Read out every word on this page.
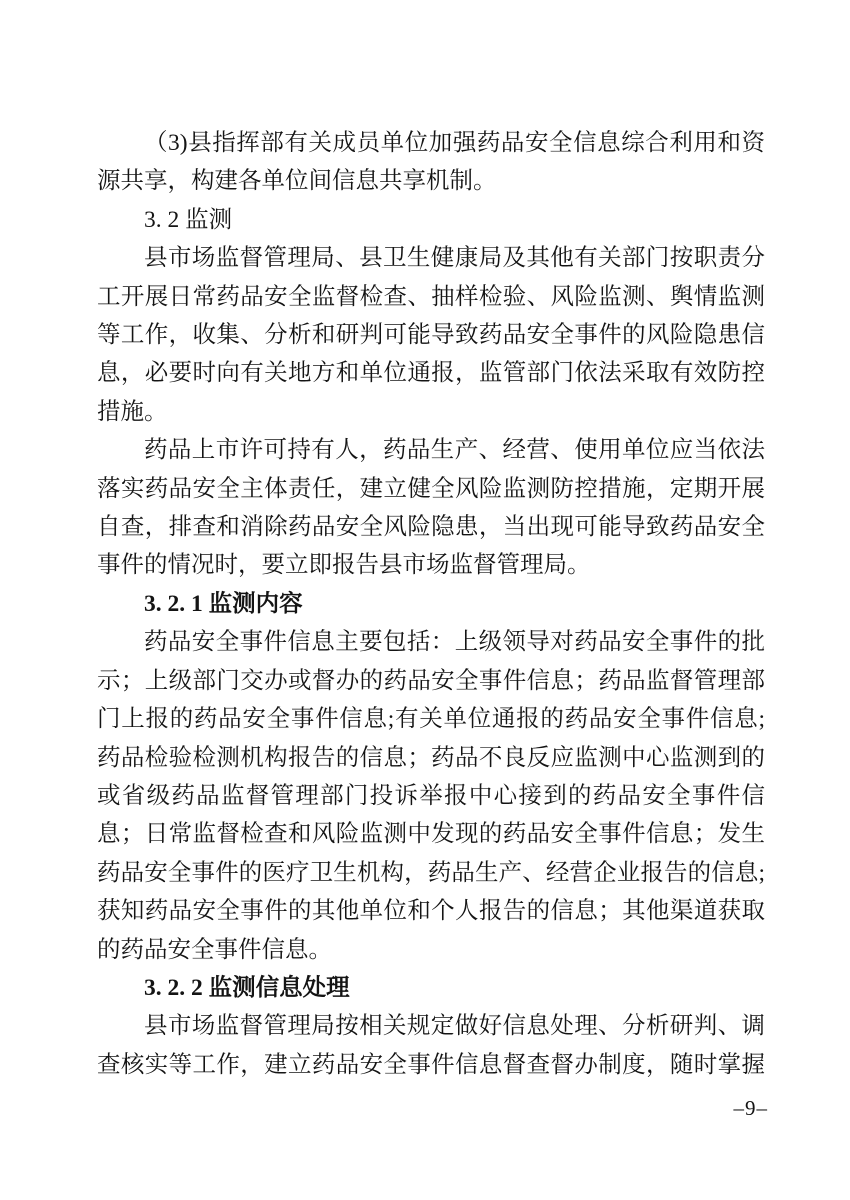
（3)县指挥部有关成员单位加强药品安全信息综合利用和资
源共享，构建各单位间信息共享机制。
3. 2 监测
县市场监督管理局、县卫生健康局及其他有关部门按职责分
工开展日常药品安全监督检查、抽样检验、风险监测、舆情监测
等工作，收集、分析和研判可能导致药品安全事件的风险隐患信
息，必要时向有关地方和单位通报，监管部门依法采取有效防控
措施。
药品上市许可持有人，药品生产、经营、使用单位应当依法
落实药品安全主体责任，建立健全风险监测防控措施，定期开展
自查，排查和消除药品安全风险隐患，当出现可能导致药品安全
事件的情况时，要立即报告县市场监督管理局。
3. 2. 1 监测内容
药品安全事件信息主要包括：上级领导对药品安全事件的批
示；上级部门交办或督办的药品安全事件信息；药品监督管理部
门上报的药品安全事件信息;有关单位通报的药品安全事件信息;
药品检验检测机构报告的信息；药品不良反应监测中心监测到的
或省级药品监督管理部门投诉举报中心接到的药品安全事件信
息；日常监督检查和风险监测中发现的药品安全事件信息；发生
药品安全事件的医疗卫生机构，药品生产、经营企业报告的信息;
获知药品安全事件的其他单位和个人报告的信息；其他渠道获取
的药品安全事件信息。
3. 2. 2 监测信息处理
县市场监督管理局按相关规定做好信息处理、分析研判、调
查核实等工作，建立药品安全事件信息督查督办制度，随时掌握
–9–
